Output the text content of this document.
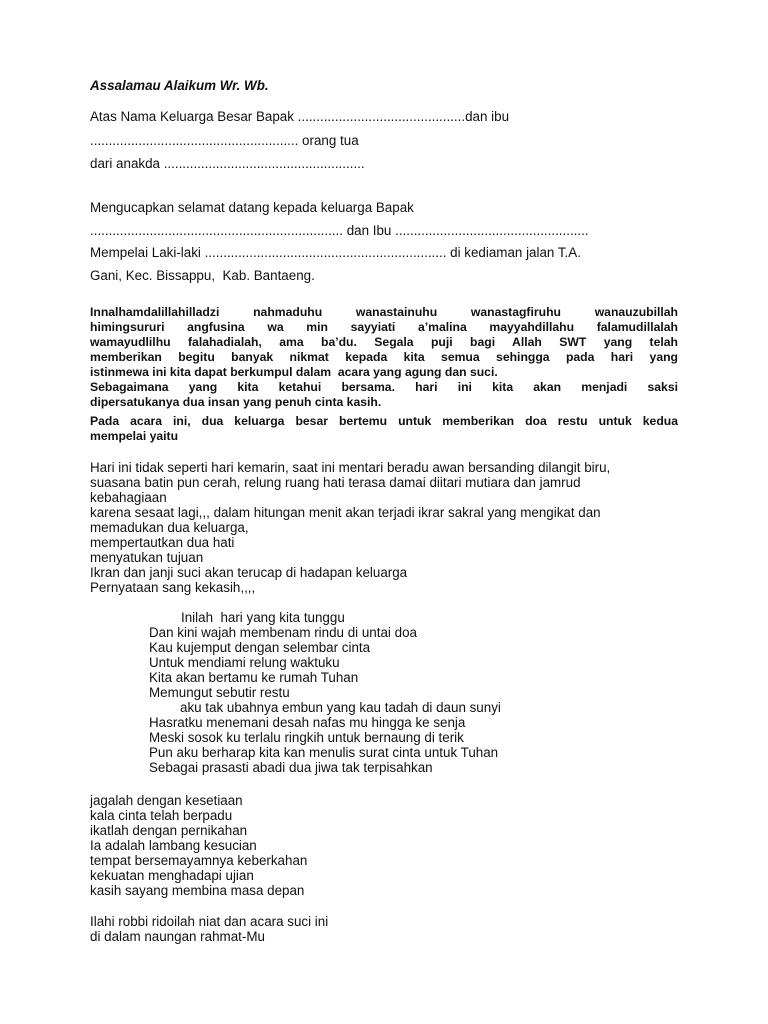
Assalamau Alaikum Wr. Wb.
Atas Nama Keluarga Besar Bapak .............................................dan ibu
........................................................ orang tua
dari anakda ......................................................
Mengucapkan selamat datang kepada keluarga Bapak
.................................................................... dan Ibu ....................................................
Mempelai Laki-laki ................................................................. di kediaman jalan T.A.
Gani, Kec. Bissappu,  Kab. Bantaeng.
Innalhamdalillahilladzi nahmaduhu wanastainuhu wanastagfiruhu wanauzubillah
himingsururi angfusina wa min sayyiati a’malina mayyahdillahu falamudillalah
wamayudlilhu falahadialah, ama ba’du. Segala puji bagi Allah SWT yang telah
memberikan begitu banyak nikmat kepada kita semua sehingga pada hari yang
istinmewa ini kita dapat berkumpul dalam  acara yang agung dan suci.
Sebagaimana yang kita ketahui bersama. hari ini kita akan menjadi saksi
dipersatukanya dua insan yang penuh cinta kasih.
Pada acara ini, dua keluarga besar bertemu untuk memberikan doa restu untuk kedua
mempelai yaitu
Hari ini tidak seperti hari kemarin, saat ini mentari beradu awan bersanding dilangit biru,
suasana batin pun cerah, relung ruang hati terasa damai diitari mutiara dan jamrud
kebahagiaan
karena sesaat lagi,,, dalam hitungan menit akan terjadi ikrar sakral yang mengikat dan
memadukan dua keluarga,
mempertautkan dua hati
menyatukan tujuan
Ikran dan janji suci akan terucap di hadapan keluarga
Pernyataan sang kekasih,,,,
Inilah  hari yang kita tunggu
Dan kini wajah membenam rindu di untai doa
Kau kujemput dengan selembar cinta
Untuk mendiami relung waktuku
Kita akan bertamu ke rumah Tuhan
Memungut sebutir restu
aku tak ubahnya embun yang kau tadah di daun sunyi
Hasratku menemani desah nafas mu hingga ke senja
Meski sosok ku terlalu ringkih untuk bernaung di terik
Pun aku berharap kita kan menulis surat cinta untuk Tuhan
Sebagai prasasti abadi dua jiwa tak terpisahkan
jagalah dengan kesetiaan
kala cinta telah berpadu
ikatlah dengan pernikahan
Ia adalah lambang kesucian
tempat bersemayamnya keberkahan
kekuatan menghadapi ujian
kasih sayang membina masa depan
Ilahi robbi ridoilah niat dan acara suci ini
di dalam naungan rahmat-Mu
